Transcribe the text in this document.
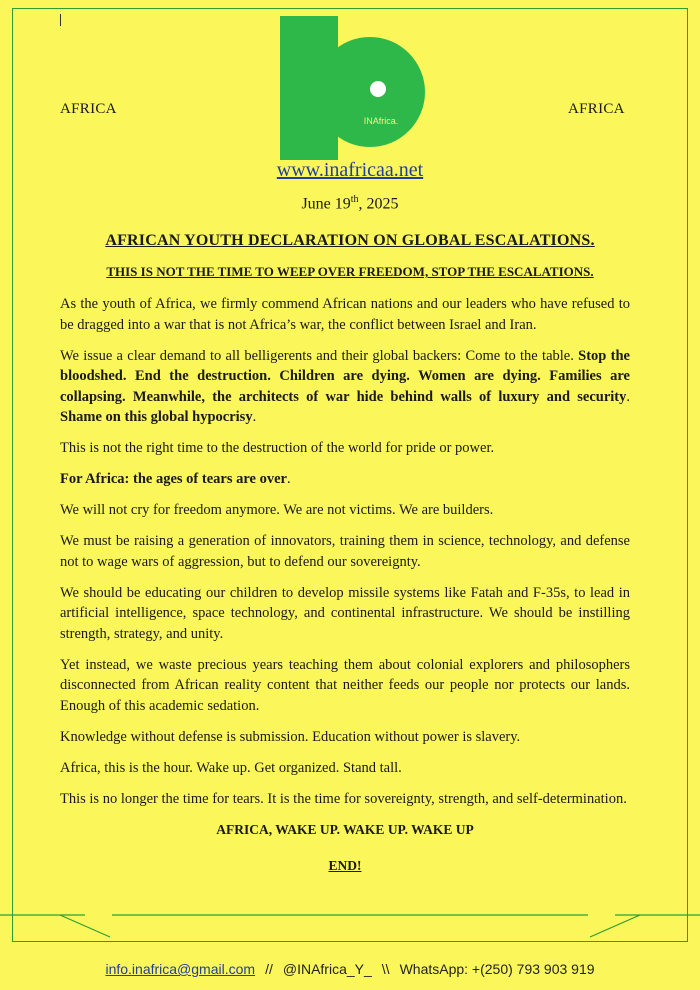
INAfrica.
AFRICA	AFRICA
www.inafricaa.net
June 19th, 2025
AFRICAN YOUTH DECLARATION ON GLOBAL ESCALATIONS.
THIS IS NOT THE TIME TO WEEP OVER FREEDOM, STOP THE ESCALATIONS.

As the youth of Africa, we firmly commend African nations and our leaders who have refused to be dragged into a war that is not Africa’s war, the conflict between Israel and Iran.

We issue a clear demand to all belligerents and their global backers: Come to the table. Stop the bloodshed. End the destruction. Children are dying. Women are dying. Families are collapsing. Meanwhile, the architects of war hide behind walls of luxury and security. Shame on this global hypocrisy.

This is not the right time to the destruction of the world for pride or power.

For Africa: the ages of tears are over.

We will not cry for freedom anymore. We are not victims. We are builders.

We must be raising a generation of innovators, training them in science, technology, and defense not to wage wars of aggression, but to defend our sovereignty.

We should be educating our children to develop missile systems like Fatah and F-35s, to lead in artificial intelligence, space technology, and continental infrastructure. We should be instilling strength, strategy, and unity.

Yet instead, we waste precious years teaching them about colonial explorers and philosophers disconnected from African reality content that neither feeds our people nor protects our lands. Enough of this academic sedation.

Knowledge without defense is submission. Education without power is slavery.

Africa, this is the hour. Wake up. Get organized. Stand tall.

This is no longer the time for tears. It is the time for sovereignty, strength, and self-determination.

AFRICA, WAKE UP. WAKE UP. WAKE UP

END!

info.inafrica@gmail.com // @INAfrica_Y_ \\ WhatsApp: +(250) 793 903 919
